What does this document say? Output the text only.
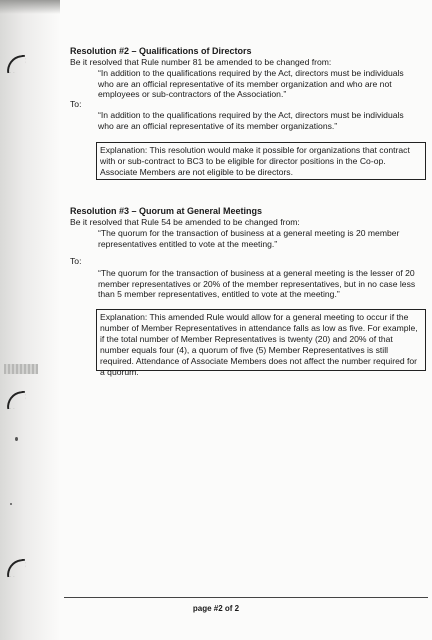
Resolution #2 – Qualifications of Directors

Be it resolved that Rule number 81 be amended to be changed from:

“In addition to the qualifications required by the Act, directors must be individuals who are an official representative of its member organization and who are not employees or sub-contractors of the Association.”

To:

“In addition to the qualifications required by the Act, directors must be individuals who are an official representative of its member organizations.”

Explanation: This resolution would make it possible for organizations that contract with or sub-contract to BC3 to be eligible for director positions in the Co-op. Associate Members are not eligible to be directors.

Resolution #3 – Quorum at General Meetings

Be it resolved that Rule 54 be amended to be changed from:

“The quorum for the transaction of business at a general meeting is 20 member representatives entitled to vote at the meeting.”

To:

“The quorum for the transaction of business at a general meeting is the lesser of 20 member representatives or 20% of the member representatives, but in no case less than 5 member representatives, entitled to vote at the meeting.”

Explanation: This amended Rule would allow for a general meeting to occur if the number of Member Representatives in attendance falls as low as five. For example, if the total number of Member Representatives is twenty (20) and 20% of that number equals four (4), a quorum of five (5) Member Representatives is still required. Attendance of Associate Members does not affect the number required for a quorum.

page #2 of 2
